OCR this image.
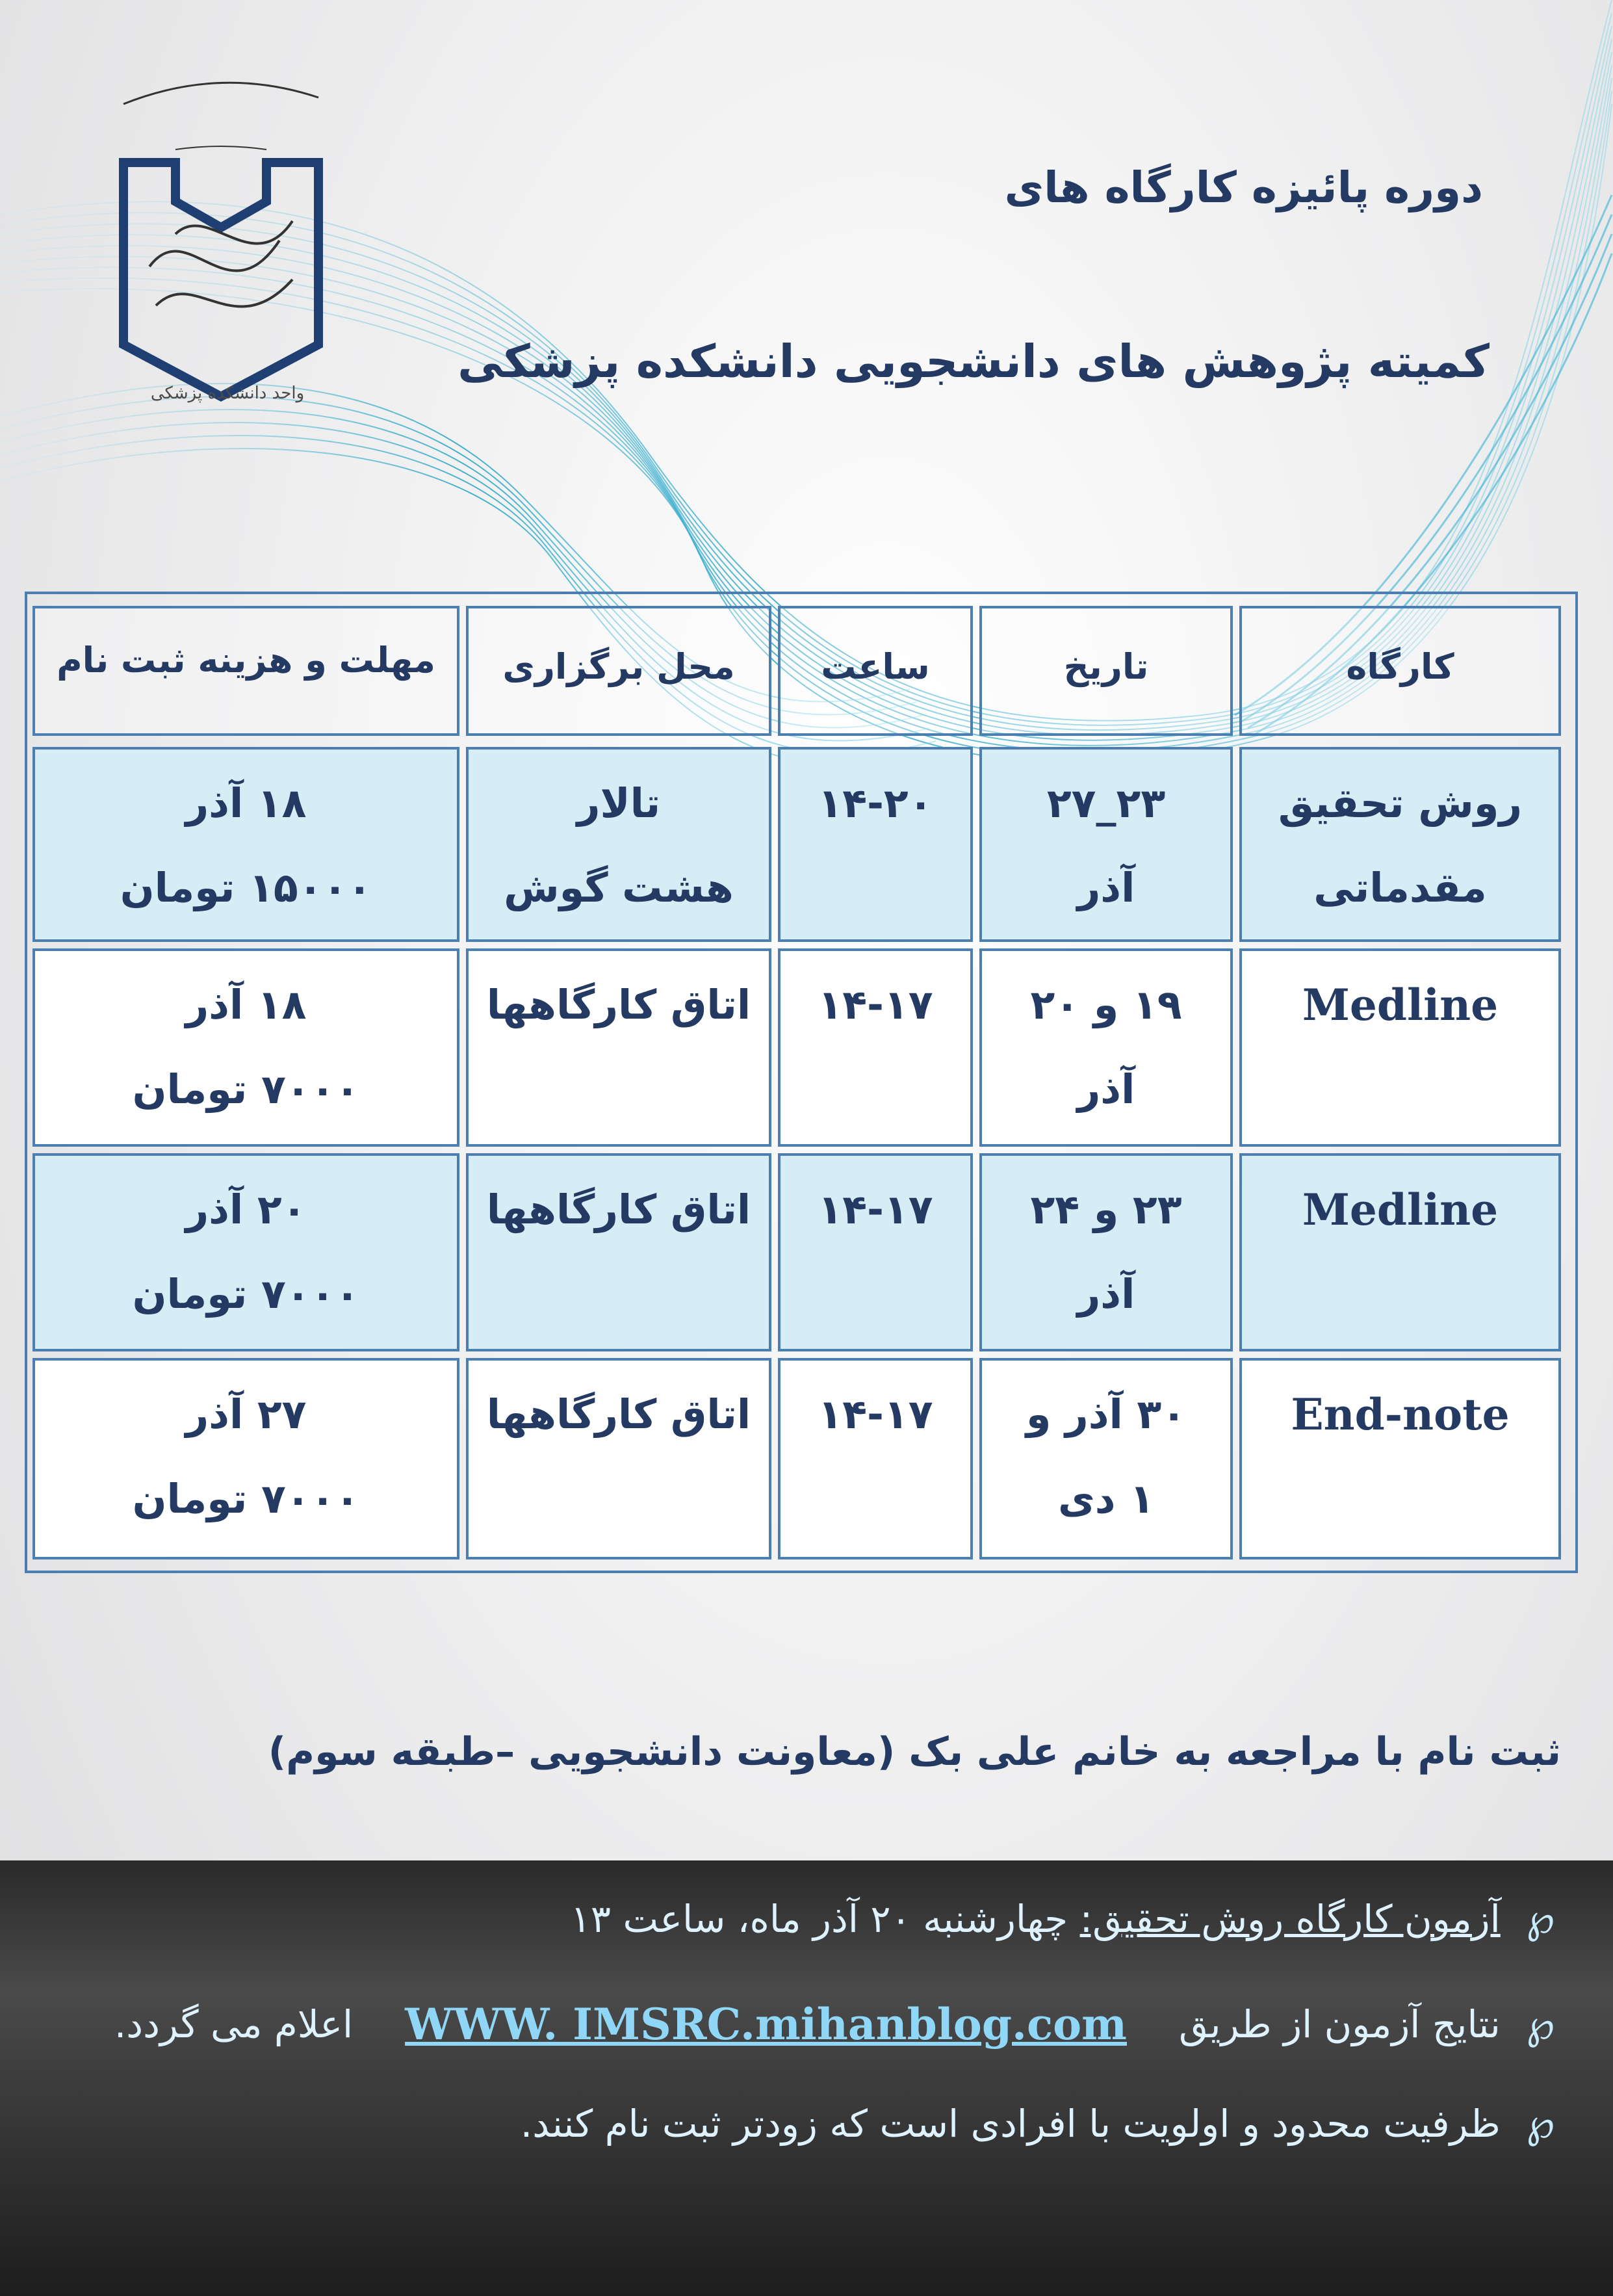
واحد دانشکده پزشکی
دوره پائیزه کارگاه های
کمیته پژوهش های دانشجویی دانشکده پزشکی
کارگاه
تاریخ
ساعت
محل برگزاری
مهلت و هزینه ثبت نام
روش تحقیق
مقدماتی
۲۳_۲۷
آذر
۱۴-۲۰
تالار
هشت گوش
۱۸ آذر
۱۵۰۰۰ تومان
Medline
۱۹ و ۲۰
آذر
۱۴-۱۷
اتاق کارگاهها
۱۸ آذر
۷۰۰۰ تومان
Medline
۲۳ و ۲۴
آذر
۱۴-۱۷
اتاق کارگاهها
۲۰ آذر
۷۰۰۰ تومان
End-note
۳۰ آذر و
۱ دی
۱۴-۱۷
اتاق کارگاهها
۲۷ آذر
۷۰۰۰ تومان
ثبت نام با مراجعه به خانم علی بک (معاونت دانشجویی –طبقه سوم)
℘
آزمون کارگاه روش تحقیق: چهارشنبه ۲۰ آذر ماه، ساعت ۱۳
℘
نتایج آزمون از طریق
WWW. IMSRC.mihanblog.com
اعلام می گردد.
℘
ظرفیت محدود و اولویت با افرادی است که زودتر ثبت نام کنند.
